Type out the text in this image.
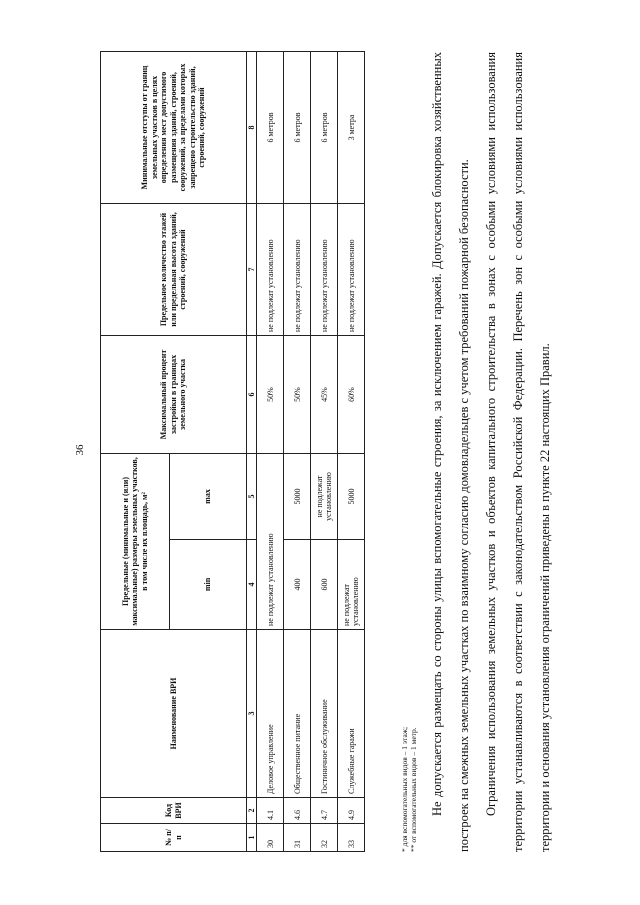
36
№ п/п	Код ВРИ	Наименование ВРИ	Предельные (минимальные и (или) максимальные) размеры земельных участков, в том числе их площадь, м²		Максимальный процент застройки в границах земельного участка	Предельное количество этажей или предельная высота зданий, строений, сооружений	Минимальные отступы от границ земельных участков в целях определения мест допустимого размещения зданий, строений, сооружений, за пределами которых запрещено строительство зданий, строений, сооружений
			min	max			
1	2	3	4	5	6	7	8
30	4.1	Деловое управление	не подлежат установлению		50%	не подлежат установлению	6 метров
31	4.6	Общественное питание	400	5000	50%	не подлежат установлению	6 метров
32	4.7	Гостиничное обслуживание	600	не подлежат установлению	45%	не подлежат установлению	6 метров
33	4.9	Служебные гаражи	не подлежат установлению	5000	60%	не подлежат установлению	3 метра
* для вспомогательных видов – 1 этаж; ** от вспомогательных видов – 1 метр. Не допускается размещать со стороны улицы вспомогательные строения, за исключением гаражей. Допускается блокировка хозяйственных построек на смежных земельных участках по взаимному согласию домовладельцев с учетом требований пожарной безопасности.	Ограничения использования земельных участков и объектов капитального строительства в зонах с особыми условиями использования территории устанавливаются в соответствии с законодательством Российской Федерации. Перечень зон с особыми условиями использования территории и основания установления ограничений приведены в пункте 22 настоящих Правил.
